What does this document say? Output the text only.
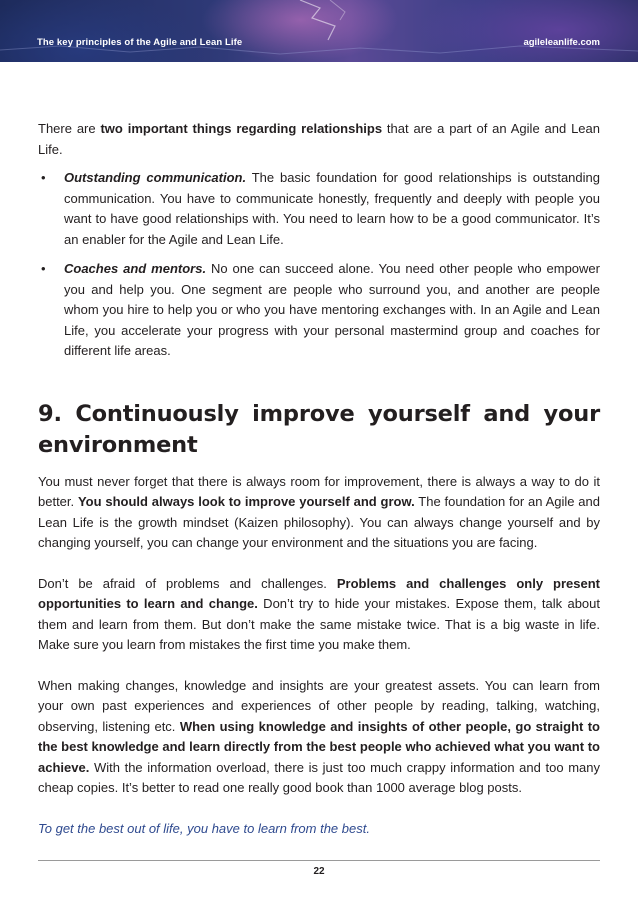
The key principles of the Agile and Lean Life	agileleanlife.com

There are two important things regarding relationships that are a part of an Agile and Lean Life.

• Outstanding communication. The basic foundation for good relationships is outstanding communication. You have to communicate honestly, frequently and deeply with people you want to have good relationships with. You need to learn how to be a good communicator. It’s an enabler for the Agile and Lean Life.
• Coaches and mentors. No one can succeed alone. You need other people who empower you and help you. One segment are people who surround you, and another are people whom you hire to help you or who you have mentoring exchanges with. In an Agile and Lean Life, you accelerate your progress with your personal mastermind group and coaches for different life areas.
9. Continuously improve yourself and your environment

You must never forget that there is always room for improvement, there is always a way to do it better. You should always look to improve yourself and grow. The foundation for an Agile and Lean Life is the growth mindset (Kaizen philosophy). You can always change yourself and by changing yourself, you can change your environment and the situations you are facing.

Don’t be afraid of problems and challenges. Problems and challenges only present opportunities to learn and change. Don’t try to hide your mistakes. Expose them, talk about them and learn from them. But don’t make the same mistake twice. That is a big waste in life. Make sure you learn from mistakes the first time you make them.

When making changes, knowledge and insights are your greatest assets. You can learn from your own past experiences and experiences of other people by reading, talking, watching, observing, listening etc. When using knowledge and insights of other people, go straight to the best knowledge and learn directly from the best people who achieved what you want to achieve. With the information overload, there is just too much crappy information and too many cheap copies. It’s better to read one really good book than 1000 average blog posts.

To get the best out of life, you have to learn from the best.

22
